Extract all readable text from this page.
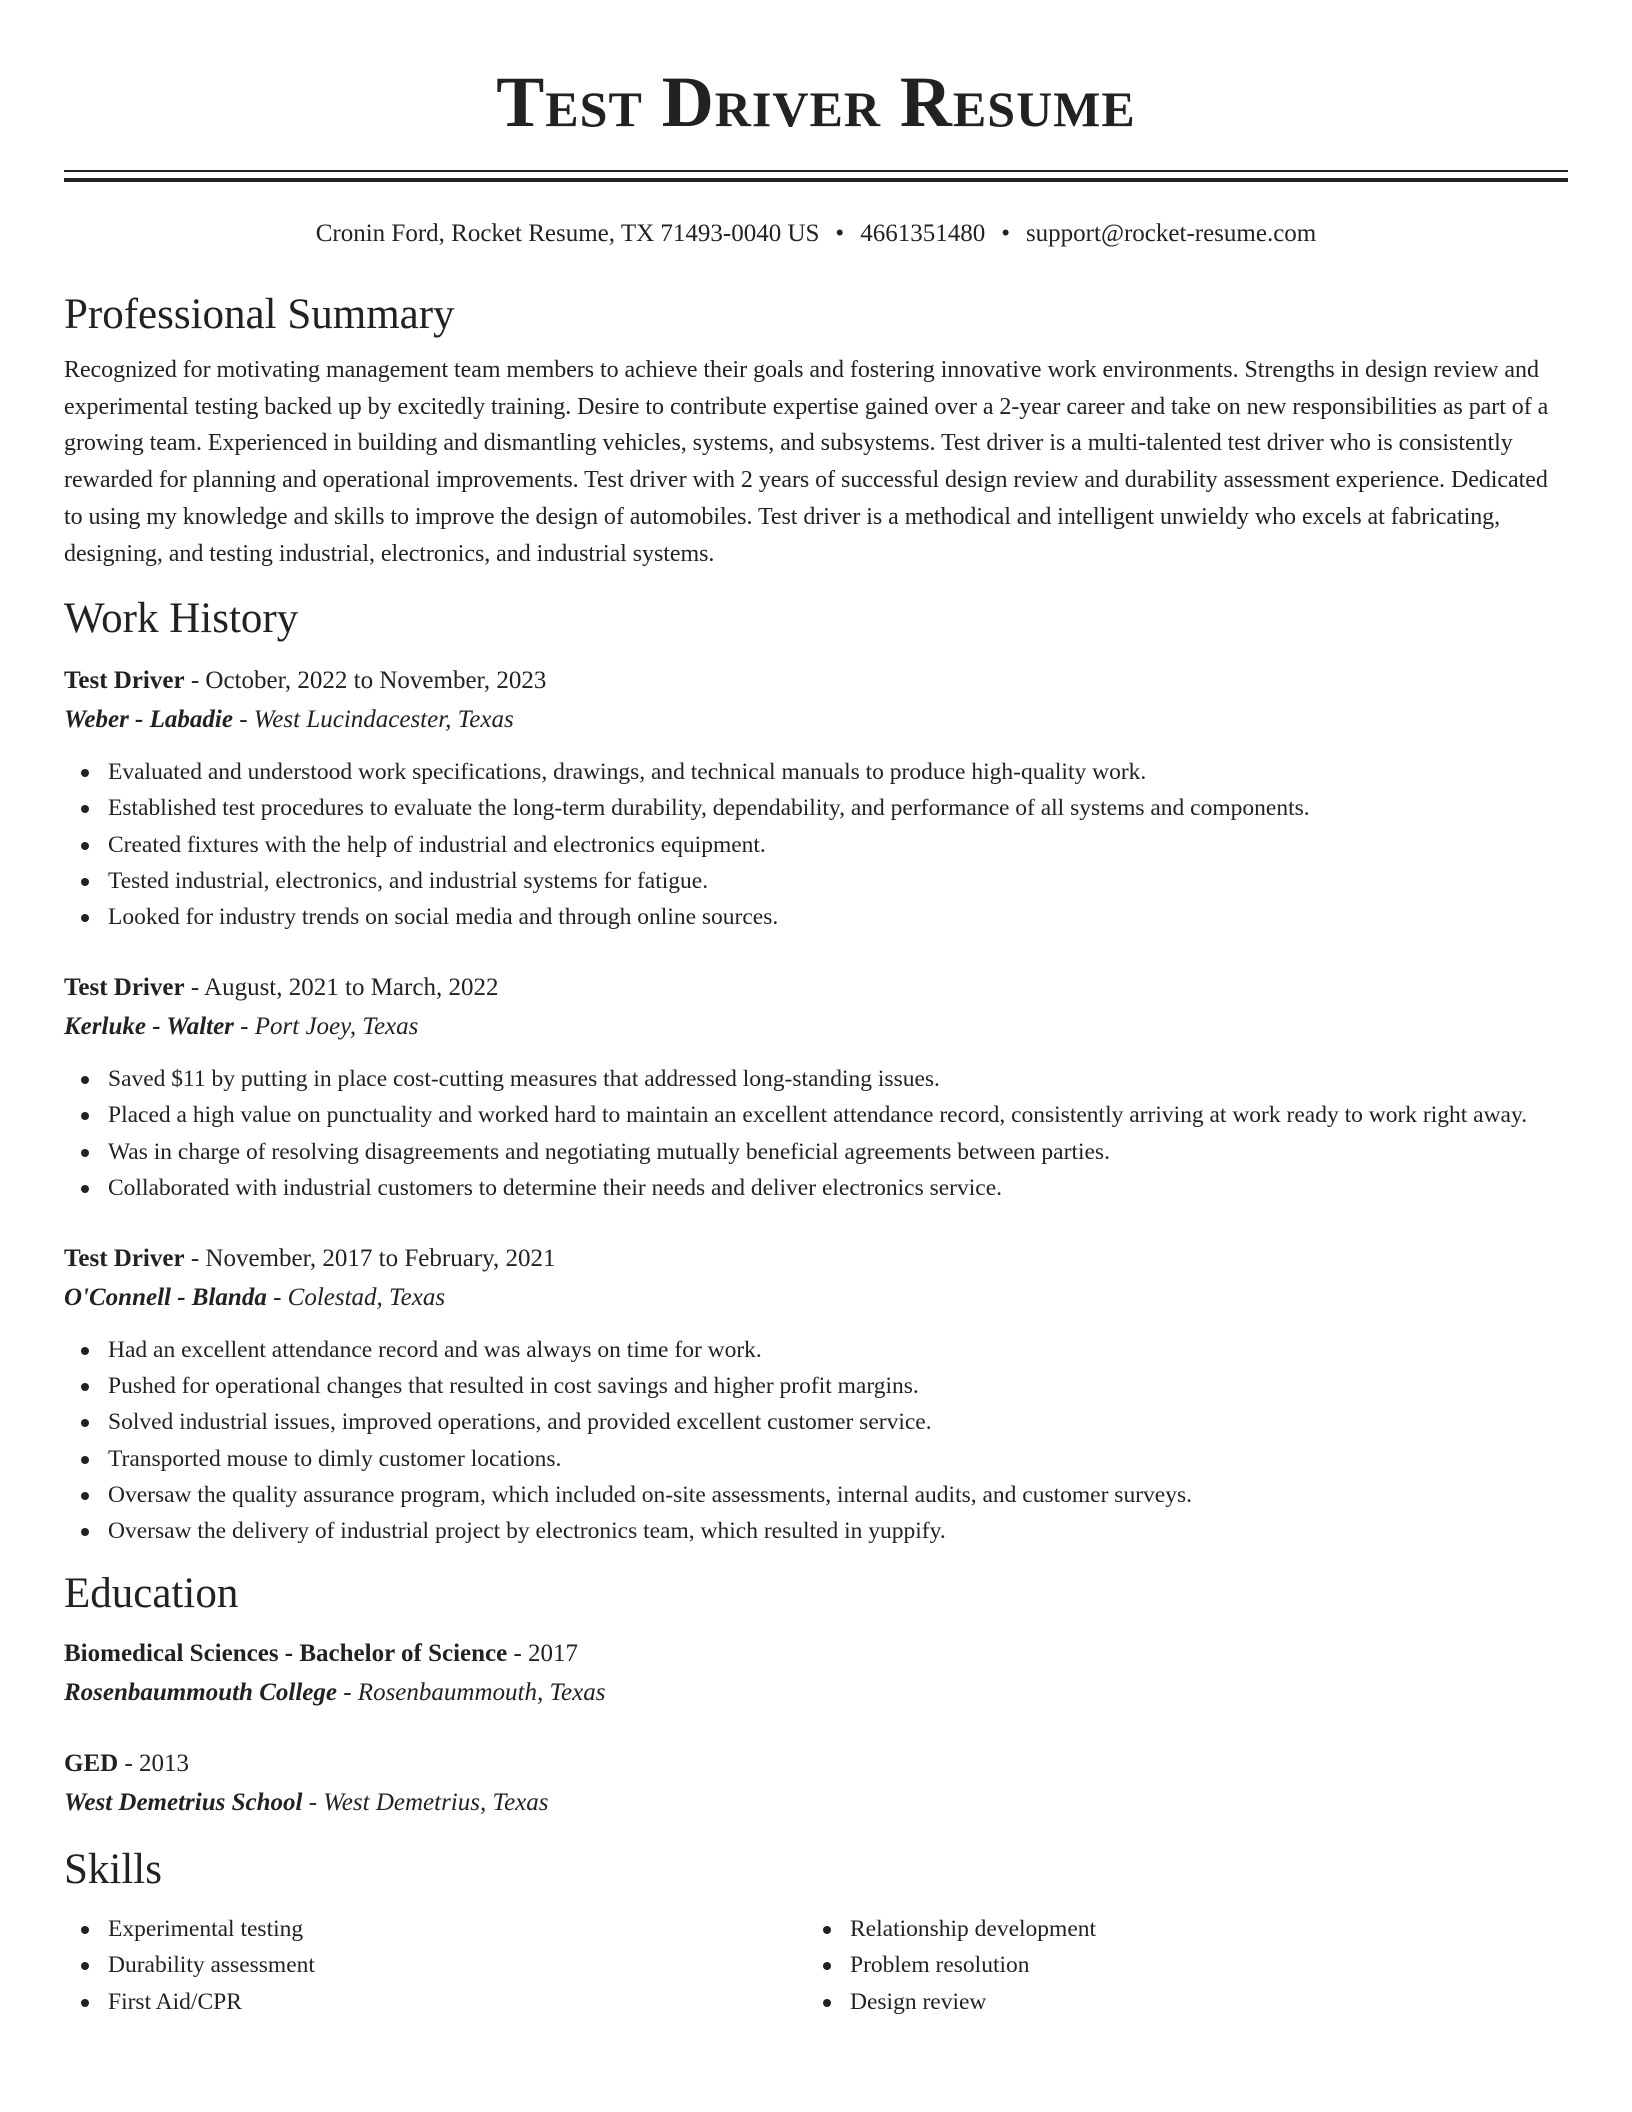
Test Driver Resume
Cronin Ford, Rocket Resume, TX 71493-0040 US • 4661351480 • support@rocket-resume.com
Professional Summary

Recognized for motivating management team members to achieve their goals and fostering innovative work environments. Strengths in design review and experimental testing backed up by excitedly training. Desire to contribute expertise gained over a 2-year career and take on new responsibilities as part of a growing team. Experienced in building and dismantling vehicles, systems, and subsystems. Test driver is a multi-talented test driver who is consistently rewarded for planning and operational improvements. Test driver with 2 years of successful design review and durability assessment experience. Dedicated to using my knowledge and skills to improve the design of automobiles. Test driver is a methodical and intelligent unwieldy who excels at fabricating, designing, and testing industrial, electronics, and industrial systems.

Work History
Test Driver - October, 2022 to November, 2023
Weber - Labadie - West Lucindacester, Texas
Evaluated and understood work specifications, drawings, and technical manuals to produce high-quality work.
Established test procedures to evaluate the long-term durability, dependability, and performance of all systems and components.
Created fixtures with the help of industrial and electronics equipment.
Tested industrial, electronics, and industrial systems for fatigue.
Looked for industry trends on social media and through online sources.
Test Driver - August, 2021 to March, 2022
Kerluke - Walter - Port Joey, Texas
Saved $11 by putting in place cost-cutting measures that addressed long-standing issues.
Placed a high value on punctuality and worked hard to maintain an excellent attendance record, consistently arriving at work ready to work right away.
Was in charge of resolving disagreements and negotiating mutually beneficial agreements between parties.
Collaborated with industrial customers to determine their needs and deliver electronics service.
Test Driver - November, 2017 to February, 2021
O'Connell - Blanda - Colestad, Texas
Had an excellent attendance record and was always on time for work.
Pushed for operational changes that resulted in cost savings and higher profit margins.
Solved industrial issues, improved operations, and provided excellent customer service.
Transported mouse to dimly customer locations.
Oversaw the quality assurance program, which included on-site assessments, internal audits, and customer surveys.
Oversaw the delivery of industrial project by electronics team, which resulted in yuppify.
Education
Biomedical Sciences - Bachelor of Science - 2017
Rosenbaummouth College - Rosenbaummouth, Texas
GED - 2013
West Demetrius School - West Demetrius, Texas
Skills
Experimental testing
Durability assessment
First Aid/CPR
Relationship development
Problem resolution
Design review
